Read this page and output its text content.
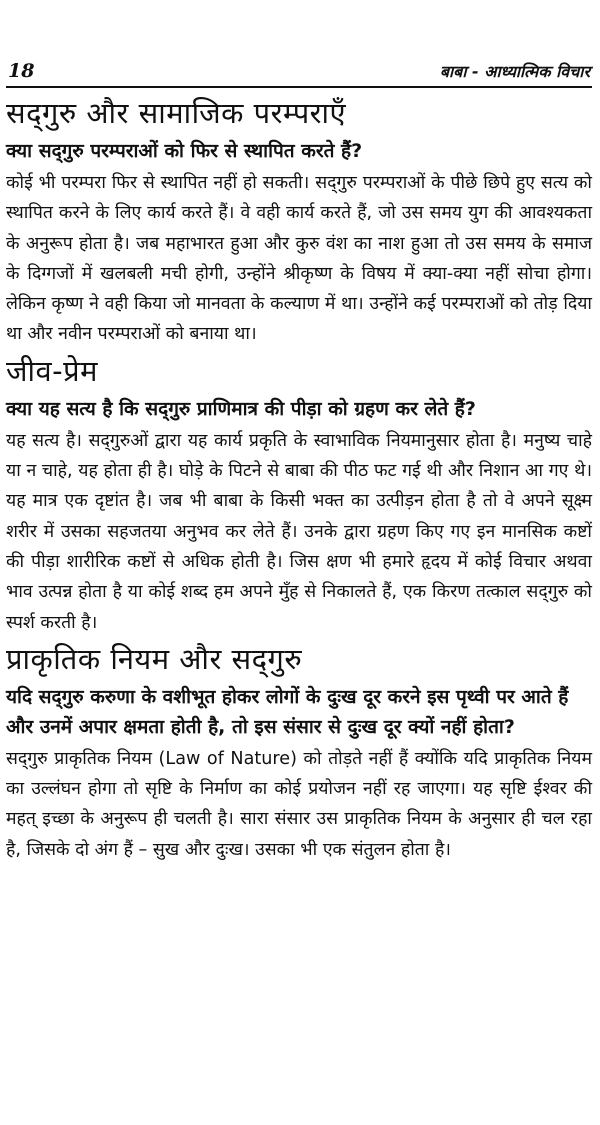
18	बाबा - आध्यात्मिक विचार
सद्‌गुरु और सामाजिक परम्पराएँ

क्या सद्‌गुरु परम्पराओं को फिर से स्थापित करते हैं?

कोई भी परम्परा फिर से स्थापित नहीं हो सकती। सद्‌गुरु परम्पराओं के पीछे छिपे हुए सत्य को स्थापित करने के लिए कार्य करते हैं। वे वही कार्य करते हैं, जो उस समय युग की आवश्यकता के अनुरूप होता है। जब महाभारत हुआ और कुरु वंश का नाश हुआ तो उस समय के समाज के दिग्गजों में खलबली मची होगी, उन्होंने श्रीकृष्ण के विषय में क्या-क्या नहीं सोचा होगा। लेकिन कृष्ण ने वही किया जो मानवता के कल्याण में था। उन्होंने कई परम्पराओं को तोड़ दिया था और नवीन परम्पराओं को बनाया था।

जीव-प्रेम

क्या यह सत्य है कि सद्‌गुरु प्राणिमात्र की पीड़ा को ग्रहण कर लेते हैं?

यह सत्य है। सद्‌गुरुओं द्वारा यह कार्य प्रकृति के स्वाभाविक नियमानुसार होता है। मनुष्य चाहे या न चाहे, यह होता ही है। घोड़े के पिटने से बाबा की पीठ फट गई थी और निशान आ गए थे। यह मात्र एक दृष्टांत है। जब भी बाबा के किसी भक्त का उत्पीड़न होता है तो वे अपने सूक्ष्म शरीर में उसका सहजतया अनुभव कर लेते हैं। उनके द्वारा ग्रहण किए गए इन मानसिक कष्टों की पीड़ा शारीरिक कष्टों से अधिक होती है। जिस क्षण भी हमारे हृदय में कोई विचार अथवा भाव उत्पन्न होता है या कोई शब्द हम अपने मुँह से निकालते हैं, एक किरण तत्काल सद्‌गुरु को स्पर्श करती है।

प्राकृतिक नियम और सद्‌गुरु

यदि सद्‌गुरु करुणा के वशीभूत होकर लोगों के दुःख दूर करने इस पृथ्वी पर आते हैं और उनमें अपार क्षमता होती है, तो इस संसार से दुःख दूर क्यों नहीं होता?

सद्‌गुरु प्राकृतिक नियम (Law of Nature) को तोड़ते नहीं हैं क्योंकि यदि प्राकृतिक नियम का उल्लंघन होगा तो सृष्टि के निर्माण का कोई प्रयोजन नहीं रह जाएगा। यह सृष्टि ईश्वर की महत् इच्छा के अनुरूप ही चलती है। सारा संसार उस प्राकृतिक नियम के अनुसार ही चल रहा है, जिसके दो अंग हैं – सुख और दुःख। उसका भी एक संतुलन होता है।
